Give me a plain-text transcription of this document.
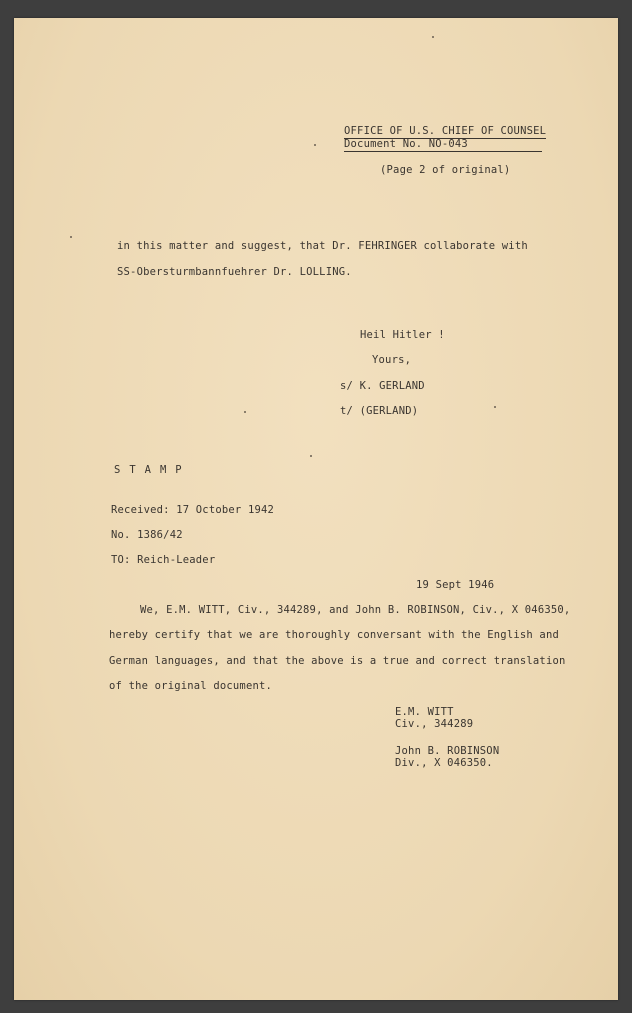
OFFICE OF U.S. CHIEF OF COUNSEL
Document No. NO-043
(Page 2 of original)
in this matter and suggest, that Dr. FEHRINGER collaborate with
SS-Obersturmbannfuehrer Dr. LOLLING.
Heil Hitler !
Yours,
s/ K. GERLAND
t/ (GERLAND)
STAMP
Received: 17 October 1942
No. 1386/42
TO: Reich-Leader
19 Sept 1946
We, E.M. WITT, Civ., 344289, and John B. ROBINSON, Civ., X 046350,
hereby certify that we are thoroughly conversant with the English and
German languages, and that the above is a true and correct translation
of the original document.
E.M. WITT
Civ., 344289
John B. ROBINSON
Div., X 046350.
